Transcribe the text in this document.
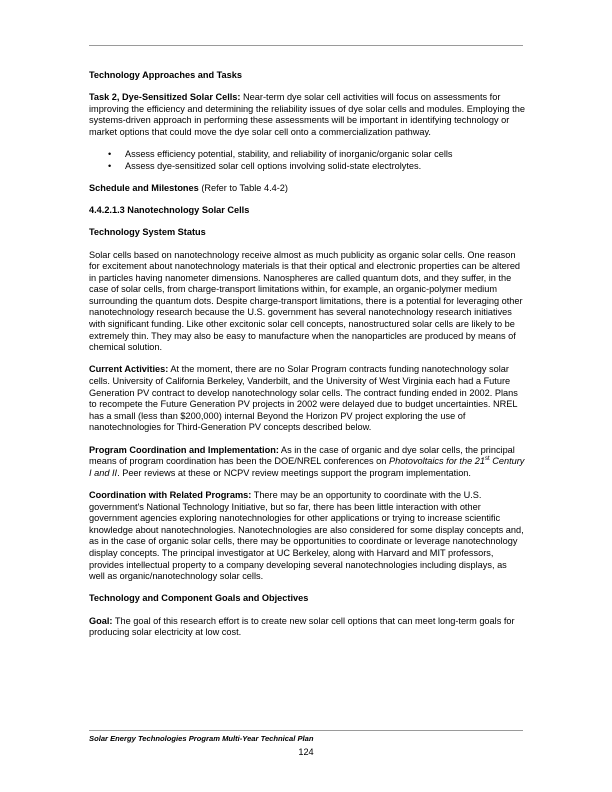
Technology Approaches and Tasks

Task 2, Dye-Sensitized Solar Cells: Near-term dye solar cell activities will focus on assessments for improving the efficiency and determining the reliability issues of dye solar cells and modules. Employing the systems-driven approach in performing these assessments will be important in identifying technology or market options that could move the dye solar cell onto a commercialization pathway.

• Assess efficiency potential, stability, and reliability of inorganic/organic solar cells
• Assess dye-sensitized solar cell options involving solid-state electrolytes.

Schedule and Milestones (Refer to Table 4.4-2)

4.4.2.1.3 Nanotechnology Solar Cells
Technology System Status

Solar cells based on nanotechnology receive almost as much publicity as organic solar cells. One reason for excitement about nanotechnology materials is that their optical and electronic properties can be altered in particles having nanometer dimensions. Nanospheres are called quantum dots, and they suffer, in the case of solar cells, from charge-transport limitations within, for example, an organic-polymer medium surrounding the quantum dots. Despite charge-transport limitations, there is a potential for leveraging other nanotechnology research because the U.S. government has several nanotechnology research initiatives with significant funding. Like other excitonic solar cell concepts, nanostructured solar cells are likely to be extremely thin. They may also be easy to manufacture when the nanoparticles are produced by means of chemical solution.

Current Activities: At the moment, there are no Solar Program contracts funding nanotechnology solar cells. University of California Berkeley, Vanderbilt, and the University of West Virginia each had a Future Generation PV contract to develop nanotechnology solar cells. The contract funding ended in 2002. Plans to recompete the Future Generation PV projects in 2002 were delayed due to budget uncertainties. NREL has a small (less than $200,000) internal Beyond the Horizon PV project exploring the use of nanotechnologies for Third-Generation PV concepts described below.

Program Coordination and Implementation: As in the case of organic and dye solar cells, the principal means of program coordination has been the DOE/NREL conferences on Photovoltaics for the 21st Century I and II. Peer reviews at these or NCPV review meetings support the program implementation.

Coordination with Related Programs: There may be an opportunity to coordinate with the U.S. government's National Technology Initiative, but so far, there has been little interaction with other government agencies exploring nanotechnologies for other applications or trying to increase scientific knowledge about nanotechnologies. Nanotechnologies are also considered for some display concepts and, as in the case of organic solar cells, there may be opportunities to coordinate or leverage nanotechnology display concepts. The principal investigator at UC Berkeley, along with Harvard and MIT professors, provides intellectual property to a company developing several nanotechnologies including displays, as well as organic/nanotechnology solar cells.

Technology and Component Goals and Objectives

Goal: The goal of this research effort is to create new solar cell options that can meet long-term goals for producing solar electricity at low cost.

Solar Energy Technologies Program Multi-Year Technical Plan
124
